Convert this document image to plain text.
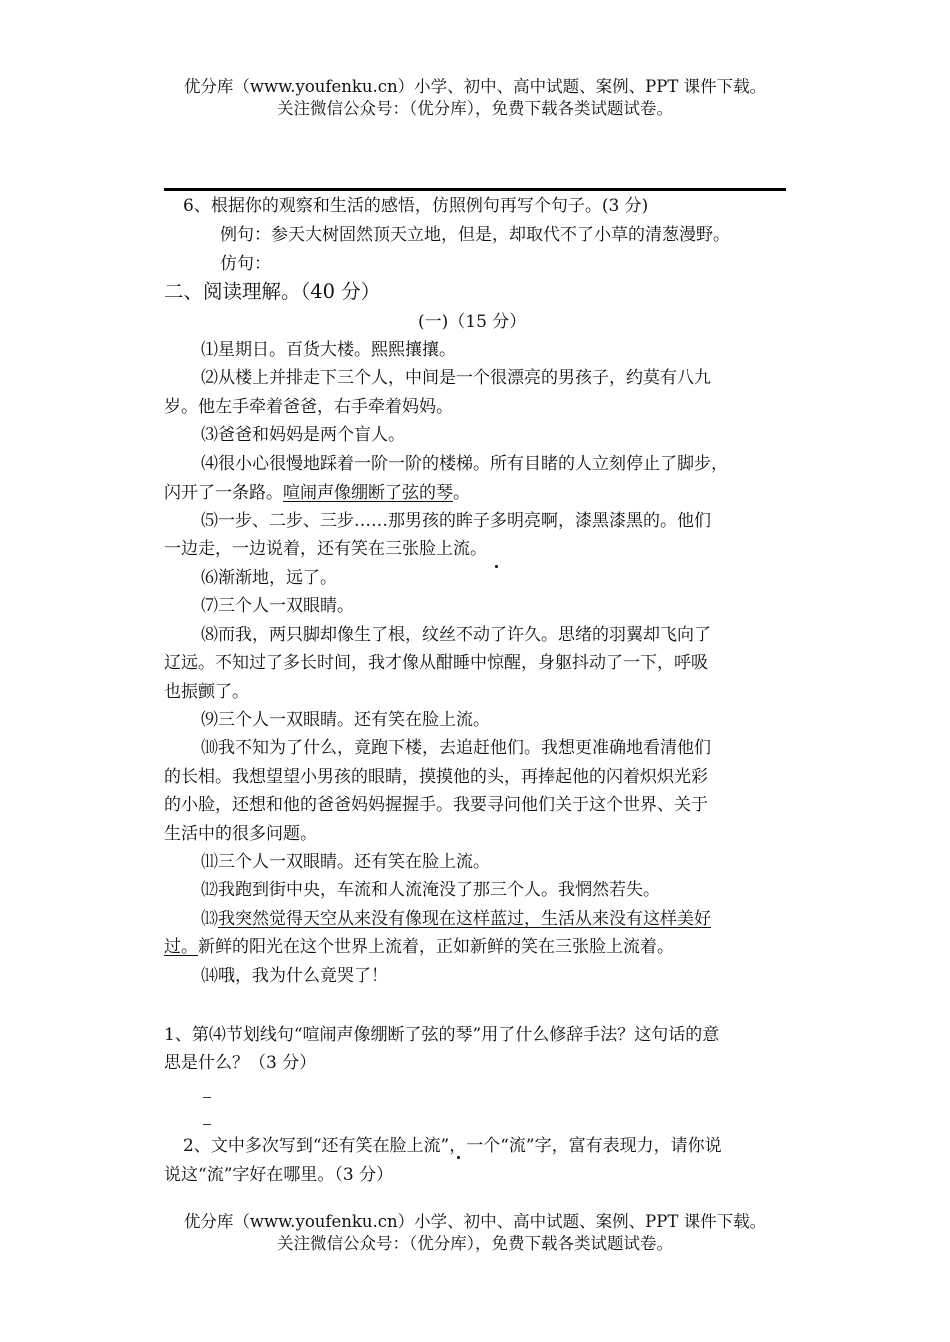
优分库（www.youfenku.cn）小学、初中、高中试题、案例、PPT 课件下载。
关注微信公众号：（优分库），免费下载各类试题试卷。
6、根据你的观察和生活的感悟，仿照例句再写个句子。(3 分)
例句：参天大树固然顶天立地，但是，却取代不了小草的清葱漫野。
仿句：
二、阅读理解。（40 分）
(一)（15 分）
⑴星期日。百货大楼。熙熙攘攘。
⑵从楼上并排走下三个人，中间是一个很漂亮的男孩子，约莫有八九
岁。他左手牵着爸爸，右手牵着妈妈。
⑶爸爸和妈妈是两个盲人。
⑷很小心很慢地踩着一阶一阶的楼梯。所有目睹的人立刻停止了脚步，
闪开了一条路。喧闹声像绷断了弦的琴。
⑸一步、二步、三步……那男孩的眸子多明亮啊，漆黑漆黑的。他们
一边走，一边说着，还有笑在三张脸上流。
⑹渐渐地，远了。
⑺三个人一双眼睛。
⑻而我，两只脚却像生了根，纹丝不动了许久。思绪的羽翼却飞向了
辽远。不知过了多长时间，我才像从酣睡中惊醒，身躯抖动了一下，呼吸
也振颤了。
⑼三个人一双眼睛。还有笑在脸上流。
⑽我不知为了什么，竟跑下楼，去追赶他们。我想更准确地看清他们
的长相。我想望望小男孩的眼睛，摸摸他的头，再捧起他的闪着炽炽光彩
的小脸，还想和他的爸爸妈妈握握手。我要寻问他们关于这个世界、关于
生活中的很多问题。
⑾三个人一双眼睛。还有笑在脸上流。
⑿我跑到街中央，车流和人流淹没了那三个人。我惘然若失。
⒀我突然觉得天空从来没有像现在这样蓝过，生活从来没有这样美好
过。新鲜的阳光在这个世界上流着，正如新鲜的笑在三张脸上流着。
⒁哦，我为什么竟哭了！
1、第⑷节划线句“喧闹声像绷断了弦的琴”用了什么修辞手法？这句话的意
思是什么？（3 分）
2、文中多次写到“还有笑在脸上流”，一个“流”字，富有表现力，请你说
说这“流”字好在哪里。（3 分）
优分库（www.youfenku.cn）小学、初中、高中试题、案例、PPT 课件下载。
关注微信公众号：（优分库），免费下载各类试题试卷。
